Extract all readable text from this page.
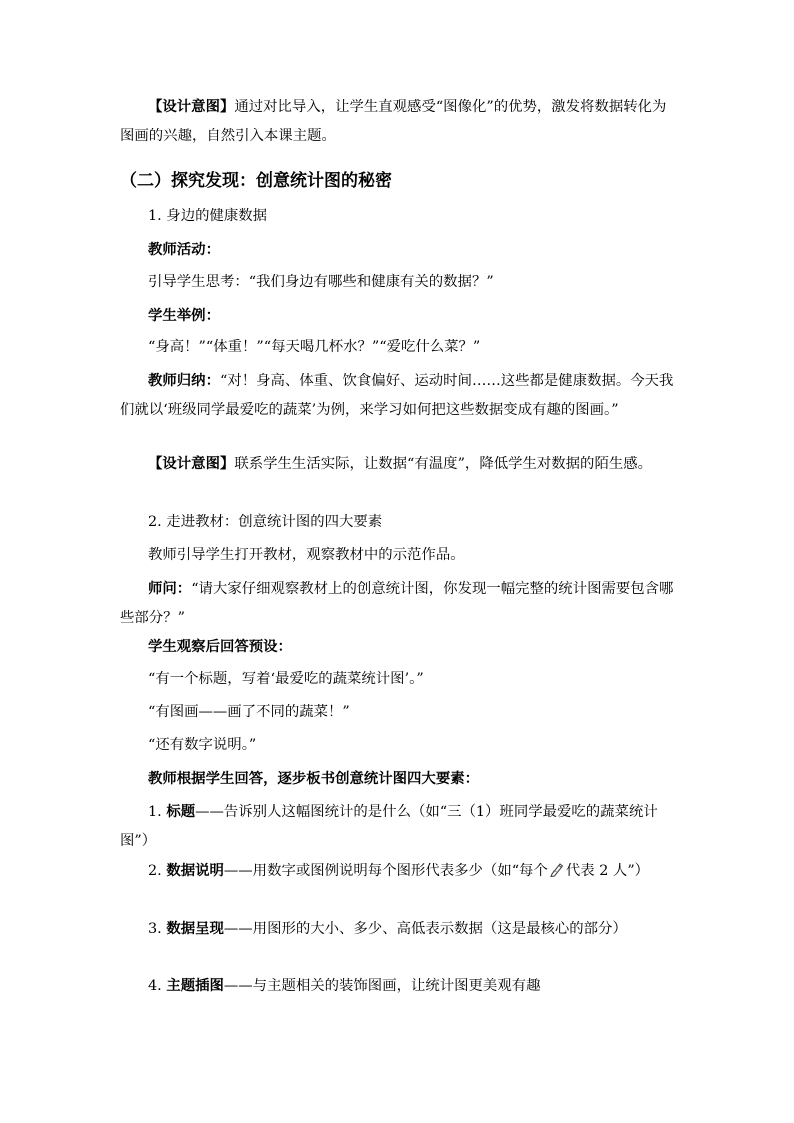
【设计意图】通过对比导入，让学生直观感受“图像化”的优势，激发将数据转化为图画的兴趣，自然引入本课主题。

（二）探究发现：创意统计图的秘密

1. 身边的健康数据

教师活动：

引导学生思考：“我们身边有哪些和健康有关的数据？”

学生举例：

“身高！”“体重！”“每天喝几杯水？”“爱吃什么菜？”

教师归纳：“对！身高、体重、饮食偏好、运动时间……这些都是健康数据。今天我们就以‘班级同学最爱吃的蔬菜’为例，来学习如何把这些数据变成有趣的图画。”

【设计意图】联系学生生活实际，让数据“有温度”，降低学生对数据的陌生感。

2. 走进教材：创意统计图的四大要素

教师引导学生打开教材，观察教材中的示范作品。

师问：“请大家仔细观察教材上的创意统计图，你发现一幅完整的统计图需要包含哪些部分？”

学生观察后回答预设：

“有一个标题，写着‘最爱吃的蔬菜统计图’。”

“有图画——画了不同的蔬菜！”

“还有数字说明。”

教师根据学生回答，逐步板书创意统计图四大要素：

1. 标题——告诉别人这幅图统计的是什么（如“三（1）班同学最爱吃的蔬菜统计图”）

2. 数据说明——用数字或图例说明每个图形代表多少（如“每个 代表 2 人”）

3. 数据呈现——用图形的大小、多少、高低表示数据（这是最核心的部分）

4. 主题插图——与主题相关的装饰图画，让统计图更美观有趣
